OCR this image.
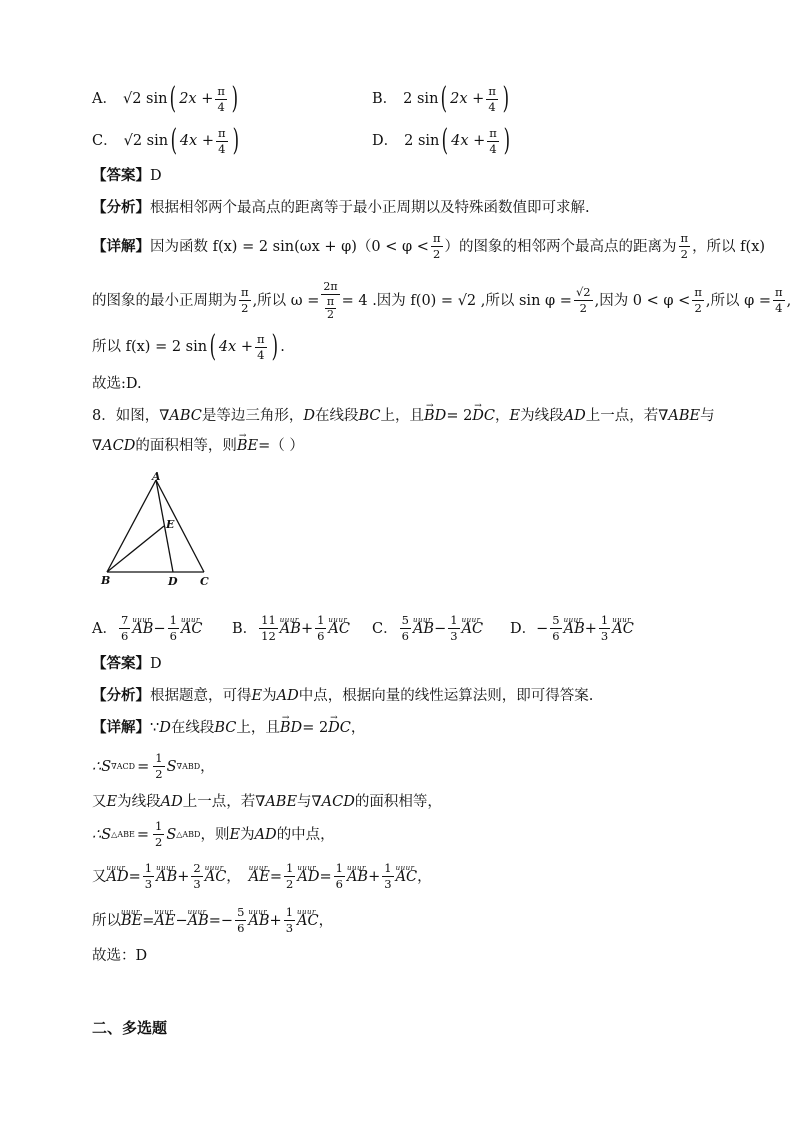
A． √2 sin ( $2x + \frac{\pi}{4}$ )	B． 2 sin ( $2x + \frac{\pi}{4}$ )
C． √2 sin ( $4x + \frac{\pi}{4}$ )	D． 2 sin ( $4x + \frac{\pi}{4}$ )
【答案】D
【分析】根据相邻两个最高点的距离等于最小正周期以及特殊函数值即可求解.
【详解】 因为函数 f(x) = 2 $\sin(\omega x + \varphi)(0 < \varphi < \frac{\pi}{2}$ ）的图象的相邻两个最高点的距离为 $\frac{\pi}{2}$ ，所以 f(x)
的图象的最小正周期为 $\frac{\pi}{2}$ ,所以 ω = 2π
π
2 = 4 .因为 f(0) = √2 ,所以 $\sin \varphi = \frac{√2}{2}$ ,因为 $0 < \varphi < \frac{\pi}{2}$ ,所以 $\varphi = \frac{\pi}{4}$ ,
所以 f(x) = 2 sin ( $4x + \frac{\pi}{4}$ ) .
故选:D.
8．如图，∇ABC是等边三角形，D在线段BC上，且→ BD= 2→ DC，E为线段AD上一点，若∇ABE与
∇ACD的面积相等，则→ BE=（ ）
A
E
B	D C
A． $\frac{7}{6}$ uuur AB − $\frac{1}{6}$ uuur AC B． $\frac{11}{12}$ uuur AB + $\frac{1}{6}$ uuur AC C． $\frac{5}{6}$ uuur AB − $\frac{1}{3}$ uuur AC D． − $\frac{5}{6}$ uuur AB + $\frac{1}{3}$ uuur AC
【答案】D
【分析】根据题意，可得E为AD中点，根据向量的线性运算法则，即可得答案.
【详解】∵D在线段BC上，且→ BD= 2→ DC，
∴S $\nabla ACD = \frac{1}{2}$ S ∇ABD ，
又E为线段AD上一点，若∇ABE与∇ACD的面积相等，
∴S △ABE = $\frac{1}{2}$ S △ABD ，则 E 为 AD 的中点，
又 uuur AD = $\frac{1}{3}$ uuur AB + $\frac{2}{3}$ uuur AC ， uuur AE = $\frac{1}{2}$ uuur AD = $\frac{1}{6}$ uuur AB + $\frac{1}{3}$ uuur AC ，
所以 uuur BE = uuur AE − uuur AB = − $\frac{5}{6}$ uuur AB + $\frac{1}{3}$ uuur AC ，
故选：D
二、多选题
